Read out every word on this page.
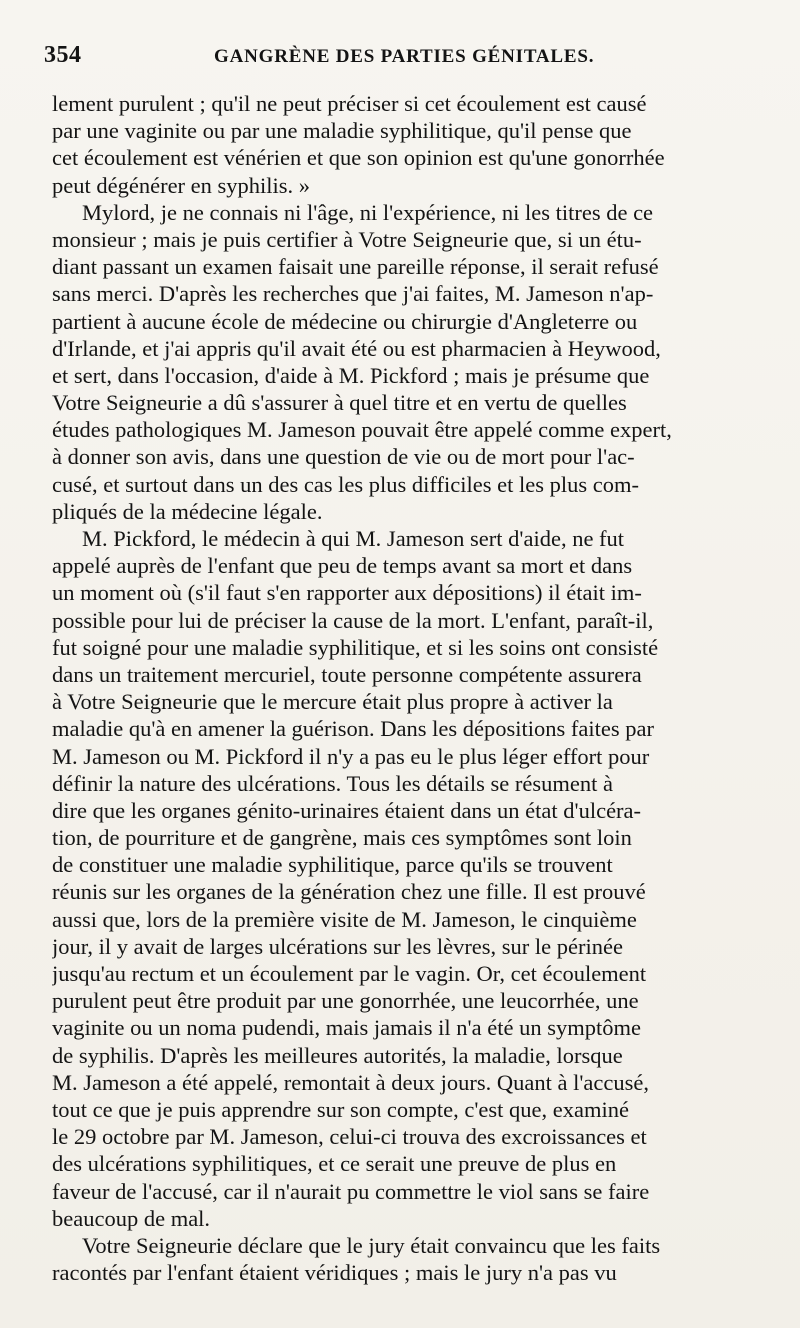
354	GANGRÈNE DES PARTIES GÉNITALES.
lement purulent ; qu'il ne peut préciser si cet écoulement est causé
par une vaginite ou par une maladie syphilitique, qu'il pense que
cet écoulement est vénérien et que son opinion est qu'une gonorrhée
peut dégénérer en syphilis. »
Mylord, je ne connais ni l'âge, ni l'expérience, ni les titres de ce
monsieur ; mais je puis certifier à Votre Seigneurie que, si un étu-
diant passant un examen faisait une pareille réponse, il serait refusé
sans merci. D'après les recherches que j'ai faites, M. Jameson n'ap-
partient à aucune école de médecine ou chirurgie d'Angleterre ou
d'Irlande, et j'ai appris qu'il avait été ou est pharmacien à Heywood,
et sert, dans l'occasion, d'aide à M. Pickford ; mais je présume que
Votre Seigneurie a dû s'assurer à quel titre et en vertu de quelles
études pathologiques M. Jameson pouvait être appelé comme expert,
à donner son avis, dans une question de vie ou de mort pour l'ac-
cusé, et surtout dans un des cas les plus difficiles et les plus com-
pliqués de la médecine légale.
M. Pickford, le médecin à qui M. Jameson sert d'aide, ne fut
appelé auprès de l'enfant que peu de temps avant sa mort et dans
un moment où (s'il faut s'en rapporter aux dépositions) il était im-
possible pour lui de préciser la cause de la mort. L'enfant, paraît-il,
fut soigné pour une maladie syphilitique, et si les soins ont consisté
dans un traitement mercuriel, toute personne compétente assurera
à Votre Seigneurie que le mercure était plus propre à activer la
maladie qu'à en amener la guérison. Dans les dépositions faites par
M. Jameson ou M. Pickford il n'y a pas eu le plus léger effort pour
définir la nature des ulcérations. Tous les détails se résument à
dire que les organes génito-urinaires étaient dans un état d'ulcéra-
tion, de pourriture et de gangrène, mais ces symptômes sont loin
de constituer une maladie syphilitique, parce qu'ils se trouvent
réunis sur les organes de la génération chez une fille. Il est prouvé
aussi que, lors de la première visite de M. Jameson, le cinquième
jour, il y avait de larges ulcérations sur les lèvres, sur le périnée
jusqu'au rectum et un écoulement par le vagin. Or, cet écoulement
purulent peut être produit par une gonorrhée, une leucorrhée, une
vaginite ou un noma pudendi, mais jamais il n'a été un symptôme
de syphilis. D'après les meilleures autorités, la maladie, lorsque
M. Jameson a été appelé, remontait à deux jours. Quant à l'accusé,
tout ce que je puis apprendre sur son compte, c'est que, examiné
le 29 octobre par M. Jameson, celui-ci trouva des excroissances et
des ulcérations syphilitiques, et ce serait une preuve de plus en
faveur de l'accusé, car il n'aurait pu commettre le viol sans se faire
beaucoup de mal.
Votre Seigneurie déclare que le jury était convaincu que les faits
racontés par l'enfant étaient véridiques ; mais le jury n'a pas vu
